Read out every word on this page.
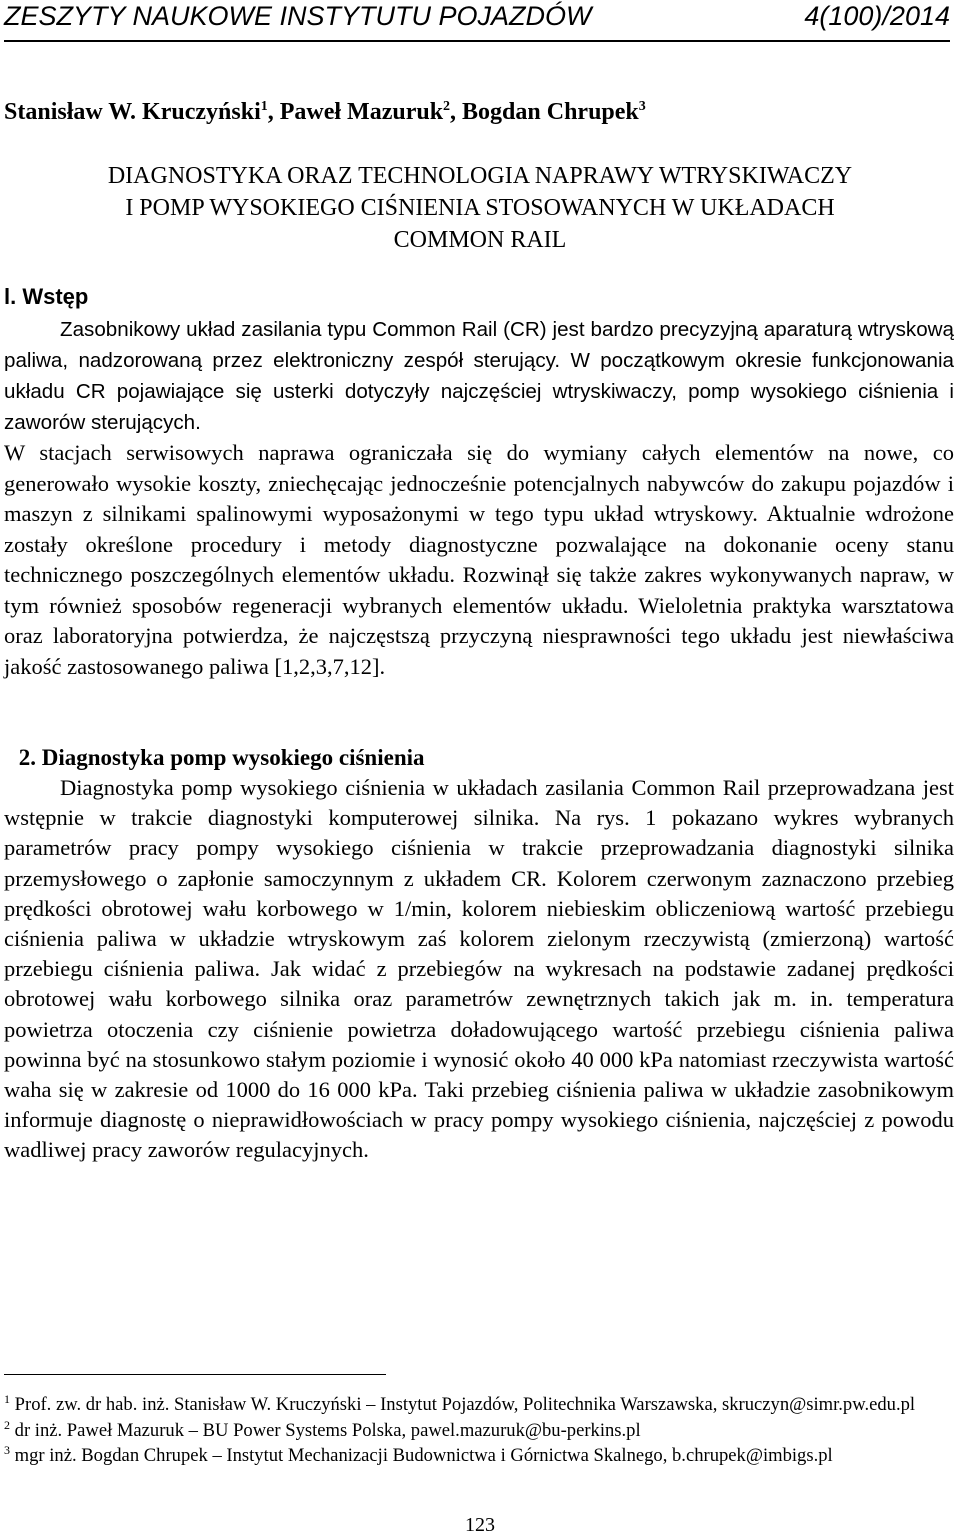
ZESZYTY NAUKOWE INSTYTUTU POJAZDÓW	4(100)/2014
Stanisław W. Kruczyński$^1$, Paweł Mazuruk$^2$, Bogdan Chrupek$^3$
DIAGNOSTYKA ORAZ TECHNOLOGIA NAPRAWY WTRYSKIWACZY
I POMP WYSOKIEGO CIŚNIENIA STOSOWANYCH W UKŁADACH
COMMON RAIL
l. Wstęp

Zasobnikowy układ zasilania typu Common Rail (CR) jest bardzo precyzyjną aparaturą wtryskową paliwa, nadzorowaną przez elektroniczny zespół sterujący. W początkowym okresie funkcjonowania układu CR pojawiające się usterki dotyczyły najczęściej wtryskiwaczy, pomp wysokiego ciśnienia i zaworów sterujących.

W stacjach serwisowych naprawa ograniczała się do wymiany całych elementów na nowe, co generowało wysokie koszty, zniechęcając jednocześnie potencjalnych nabywców do zakupu pojazdów i maszyn z silnikami spalinowymi wyposażonymi w tego typu układ wtryskowy. Aktualnie wdrożone zostały określone procedury i metody diagnostyczne pozwalające na dokonanie oceny stanu technicznego poszczególnych elementów układu. Rozwinął się także zakres wykonywanych napraw, w tym również sposobów regeneracji wybranych elementów układu. Wieloletnia praktyka warsztatowa oraz laboratoryjna potwierdza, że najczęstszą przyczyną niesprawności tego układu jest niewłaściwa jakość zastosowanego paliwa [1,2,3,7,12].

2. Diagnostyka pomp wysokiego ciśnienia

Diagnostyka pomp wysokiego ciśnienia w układach zasilania Common Rail przeprowadzana jest wstępnie w trakcie diagnostyki komputerowej silnika. Na rys. 1 pokazano wykres wybranych parametrów pracy pompy wysokiego ciśnienia w trakcie przeprowadzania diagnostyki silnika przemysłowego o zapłonie samoczynnym z układem CR. Kolorem czerwonym zaznaczono przebieg prędkości obrotowej wału korbowego w 1/min, kolorem niebieskim obliczeniową wartość przebiegu ciśnienia paliwa w układzie wtryskowym zaś kolorem zielonym rzeczywistą (zmierzoną) wartość przebiegu ciśnienia paliwa. Jak widać z przebiegów na wykresach na podstawie zadanej prędkości obrotowej wału korbowego silnika oraz parametrów zewnętrznych takich jak m. in. temperatura powietrza otoczenia czy ciśnienie powietrza doładowującego wartość przebiegu ciśnienia paliwa powinna być na stosunkowo stałym poziomie i wynosić około 40 000 kPa natomiast rzeczywista wartość waha się w zakresie od 1000 do 16 000 kPa. Taki przebieg ciśnienia paliwa w układzie zasobnikowym informuje diagnostę o nieprawidłowościach w pracy pompy wysokiego ciśnienia, najczęściej z powodu wadliwej pracy zaworów regulacyjnych.

$^1$ Prof. zw. dr hab. inż. Stanisław W. Kruczyński – Instytut Pojazdów, Politechnika Warszawska, skruczyn@simr.pw.edu.pl

$^2$ dr inż. Paweł Mazuruk – BU Power Systems Polska, pawel.mazuruk@bu-perkins.pl

$^3$ mgr inż. Bogdan Chrupek – Instytut Mechanizacji Budownictwa i Górnictwa Skalnego, b.chrupek@imbigs.pl

123
